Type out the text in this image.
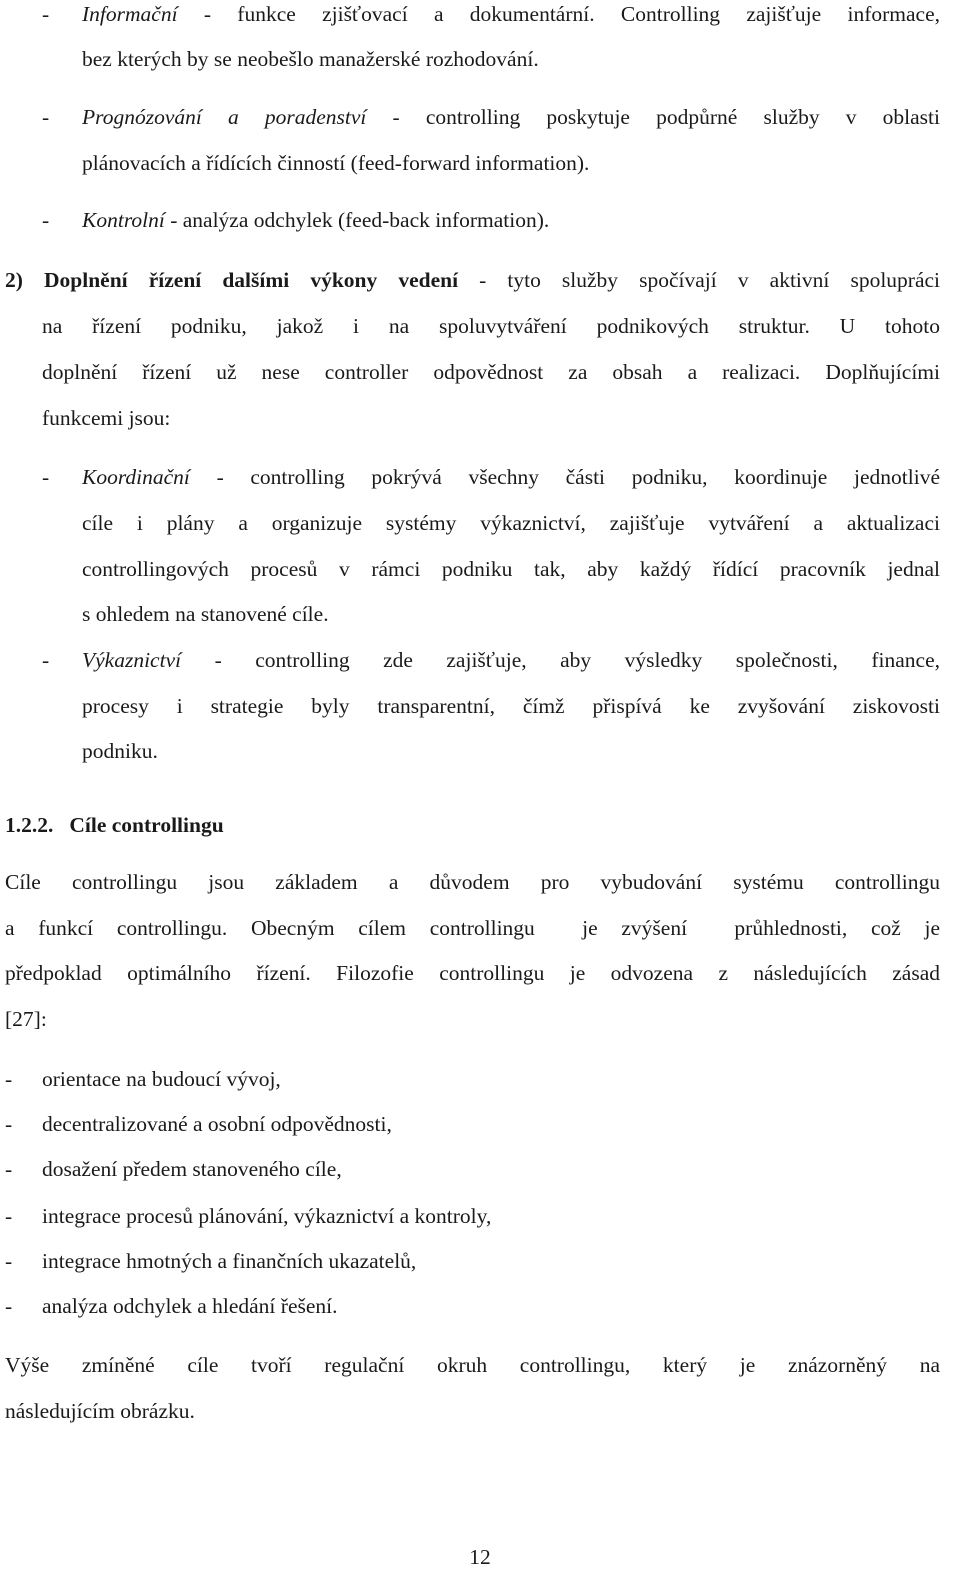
- Informační - funkce zjišťovací a dokumentární. Controlling zajišťuje informace,
bez kterých by se neobešlo manažerské rozhodování.
- Prognózování a poradenství - controlling poskytuje podpůrné služby v oblasti
plánovacích a řídících činností (feed-forward information).
- Kontrolní - analýza odchylek (feed-back information).
2) Doplnění řízení dalšími výkony vedení - tyto služby spočívají v aktivní spolupráci
na řízení podniku, jakož i na spoluvytváření podnikových struktur. U tohoto
doplnění řízení už nese controller odpovědnost za obsah a realizaci. Doplňujícími
funkcemi jsou:
- Koordinační - controlling pokrývá všechny části podniku, koordinuje jednotlivé
cíle i plány a organizuje systémy výkaznictví, zajišťuje vytváření a aktualizaci
controllingových procesů v rámci podniku tak, aby každý řídící pracovník jednal
s ohledem na stanovené cíle.
- Výkaznictví - controlling zde zajišťuje, aby výsledky společnosti, finance,
procesy i strategie byly transparentní, čímž přispívá ke zvyšování ziskovosti
podniku.
1.2.2. Cíle controllingu
Cíle controllingu jsou základem a důvodem pro vybudování systému controllingu
a funkcí controllingu. Obecným cílem controllingu  je zvýšení  průhlednosti, což je
předpoklad optimálního řízení. Filozofie controllingu je odvozena z následujících zásad
[27]:
- orientace na budoucí vývoj,
- decentralizované a osobní odpovědnosti,
- dosažení předem stanoveného cíle,
- integrace procesů plánování, výkaznictví a kontroly,
- integrace hmotných a finančních ukazatelů,
- analýza odchylek a hledání řešení.
Výše zmíněné cíle tvoří regulační okruh controllingu, který je znázorněný na
následujícím obrázku.
12
